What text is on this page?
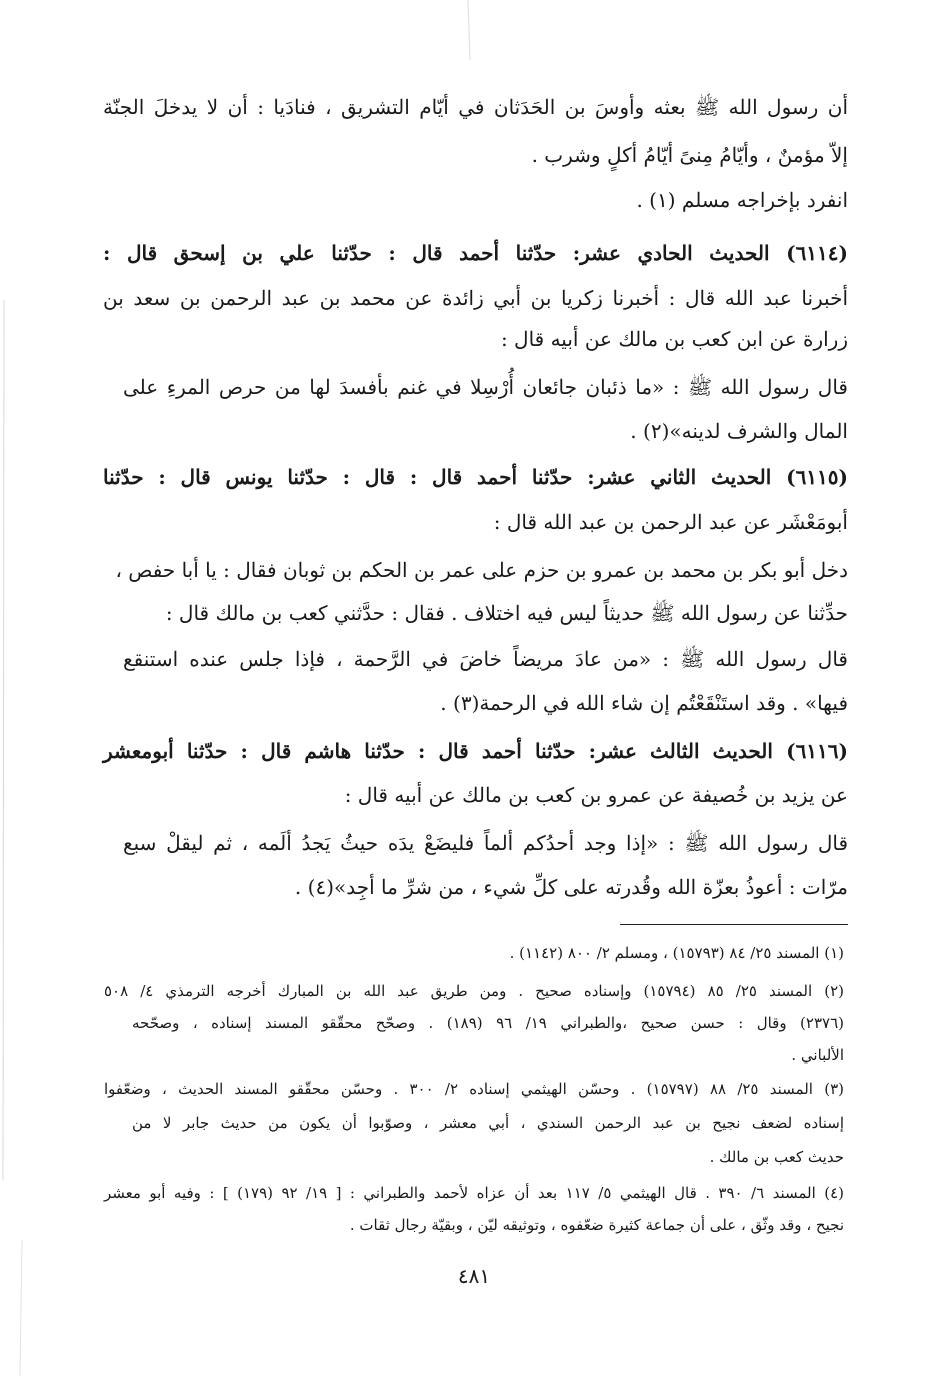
أن رسول الله ﷺ بعثه وأوسَ بن الحَدَثان في أيّام التشريق ، فنادَيا : أن لا يدخلَ الجنّة
إلاّ مؤمنٌ ، وأيّامُ مِنىً أيّامُ أكلٍ وشرب .
انفرد بإخراجه مسلم (١) .
(٦١١٤) الحديث الحادي عشر: حدّثنا أحمد قال : حدّثنا علي بن إسحق قال :
أخبرنا عبد الله قال : أخبرنا زكريا بن أبي زائدة عن محمد بن عبد الرحمن بن سعد بن
زرارة عن ابن كعب بن مالك عن أبيه قال :
قال رسول الله ﷺ : «ما ذئبان جائعان أُرْسِلا في غنم بأفسدَ لها من حرص المرءِ على
المال والشرف لدينه»(٢) .
(٦١١٥) الحديث الثاني عشر: حدّثنا أحمد قال : قال : حدّثنا يونس قال : حدّثنا
أبومَعْشَر عن عبد الرحمن بن عبد الله قال :
دخل أبو بكر بن محمد بن عمرو بن حزم على عمر بن الحكم بن ثوبان فقال : يا أبا حفص ،
حدِّثنا عن رسول الله ﷺ حديثاً ليس فيه اختلاف . فقال : حدَّثني كعب بن مالك قال :
قال رسول الله ﷺ : «من عادَ مريضاً خاضَ في الرَّحمة ، فإذا جلس عنده استنقع
فيها» . وقد استَنْقَعْتُم إن شاء الله في الرحمة(٣) .
(٦١١٦) الحديث الثالث عشر: حدّثنا أحمد قال : حدّثنا هاشم قال : حدّثنا أبومعشر
عن يزيد بن خُصيفة عن عمرو بن كعب بن مالك عن أبيه قال :
قال رسول الله ﷺ : «إذا وجد أحدُكم ألماً فليضَعْ يدَه حيثُ يَجدُ ألَمه ، ثم ليقلْ سبع
مرّات : أعوذُ بعزّة الله وقُدرته على كلِّ شيء ، من شرِّ ما أجِد»(٤) .
(١) المسند ٢٥/ ٨٤ (١٥٧٩٣) ، ومسلم ٢/ ٨٠٠ (١١٤٢) .
(٢) المسند ٢٥/ ٨٥ (١٥٧٩٤) وإسناده صحيح . ومن طريق عبد الله بن المبارك أخرجه الترمذي ٤/ ٥٠٨
(٢٣٧٦) وقال : حسن صحيح ،والطبراني ١٩/ ٩٦ (١٨٩) . وصحّح محقّقو المسند إسناده ، وصحّحه
الألباني .
(٣) المسند ٢٥/ ٨٨ (١٥٧٩٧) . وحسّن الهيثمي إسناده ٢/ ٣٠٠ . وحسّن محقّقو المسند الحديث ، وضعّفوا
إسناده لضعف نجيح بن عبد الرحمن السندي ، أبي معشر ، وصوّبوا أن يكون من حديث جابر لا من
حديث كعب بن مالك .
(٤) المسند ٦/ ٣٩٠ . قال الهيثمي ٥/ ١١٧ بعد أن عزاه لأحمد والطبراني : [ ١٩/ ٩٢ (١٧٩) ] : وفيه أبو معشر
نجيح ، وقد وثّق ، على أن جماعة كثيرة ضعّفوه ، وتوثيقه ليّن ، وبقيّة رجال ثقات .
٤٨١
